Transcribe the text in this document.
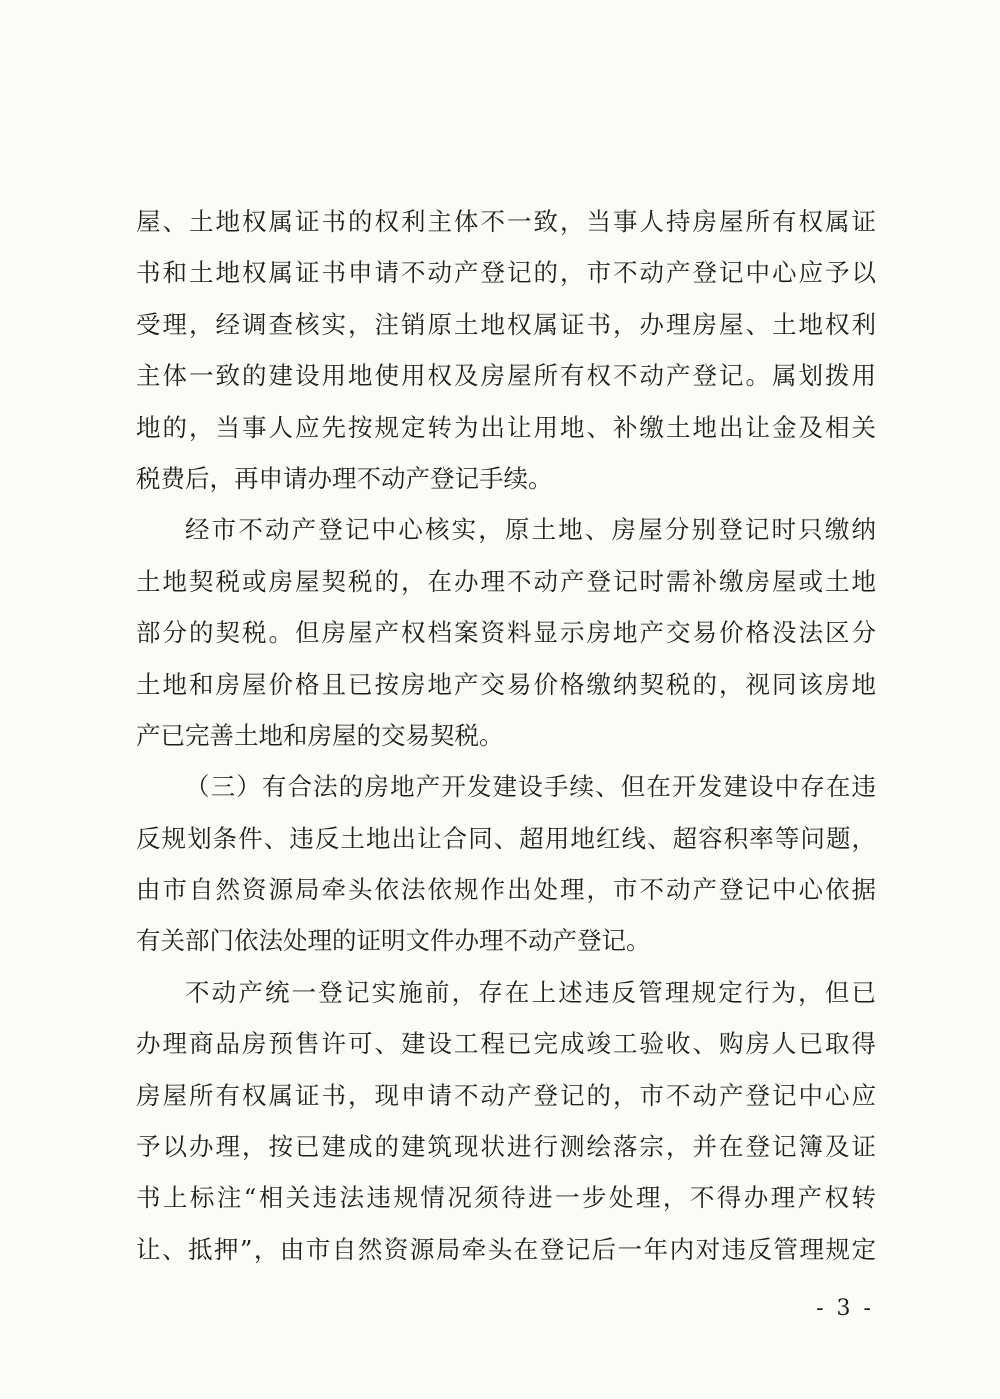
屋、土地权属证书的权利主体不一致，当事人持房屋所有权属证
书和土地权属证书申请不动产登记的，市不动产登记中心应予以
受理，经调查核实，注销原土地权属证书，办理房屋、土地权利
主体一致的建设用地使用权及房屋所有权不动产登记。属划拨用
地的，当事人应先按规定转为出让用地、补缴土地出让金及相关
税费后，再申请办理不动产登记手续。
经市不动产登记中心核实，原土地、房屋分别登记时只缴纳
土地契税或房屋契税的，在办理不动产登记时需补缴房屋或土地
部分的契税。但房屋产权档案资料显示房地产交易价格没法区分
土地和房屋价格且已按房地产交易价格缴纳契税的，视同该房地
产已完善土地和房屋的交易契税。
（三）有合法的房地产开发建设手续、但在开发建设中存在违
反规划条件、违反土地出让合同、超用地红线、超容积率等问题，
由市自然资源局牵头依法依规作出处理，市不动产登记中心依据
有关部门依法处理的证明文件办理不动产登记。
不动产统一登记实施前，存在上述违反管理规定行为，但已
办理商品房预售许可、建设工程已完成竣工验收、购房人已取得
房屋所有权属证书，现申请不动产登记的，市不动产登记中心应
予以办理，按已建成的建筑现状进行测绘落宗，并在登记簿及证
书上标注“相关违法违规情况须待进一步处理，不得办理产权转
让、抵押”，由市自然资源局牵头在登记后一年内对违反管理规定
- 3 -
